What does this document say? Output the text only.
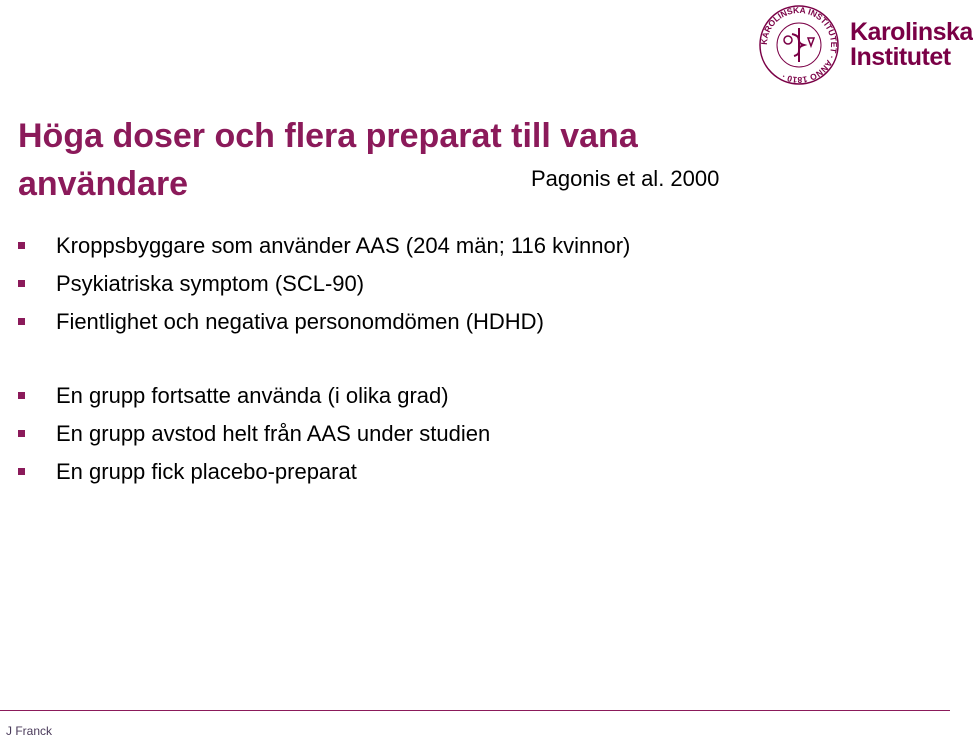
KAROLINSKA INSTITUTET · ANNO 1810 ·
Karolinska
Institutet
Höga doser och flera preparat till vana
användare	Pagonis et al. 2000
Kroppsbyggare som använder AAS (204 män; 116 kvinnor)
Psykiatriska symptom (SCL-90)
Fientlighet och negativa personomdömen (HDHD)
En grupp fortsatte använda (i olika grad)
En grupp avstod helt från AAS under studien
En grupp fick placebo-preparat
J Franck
